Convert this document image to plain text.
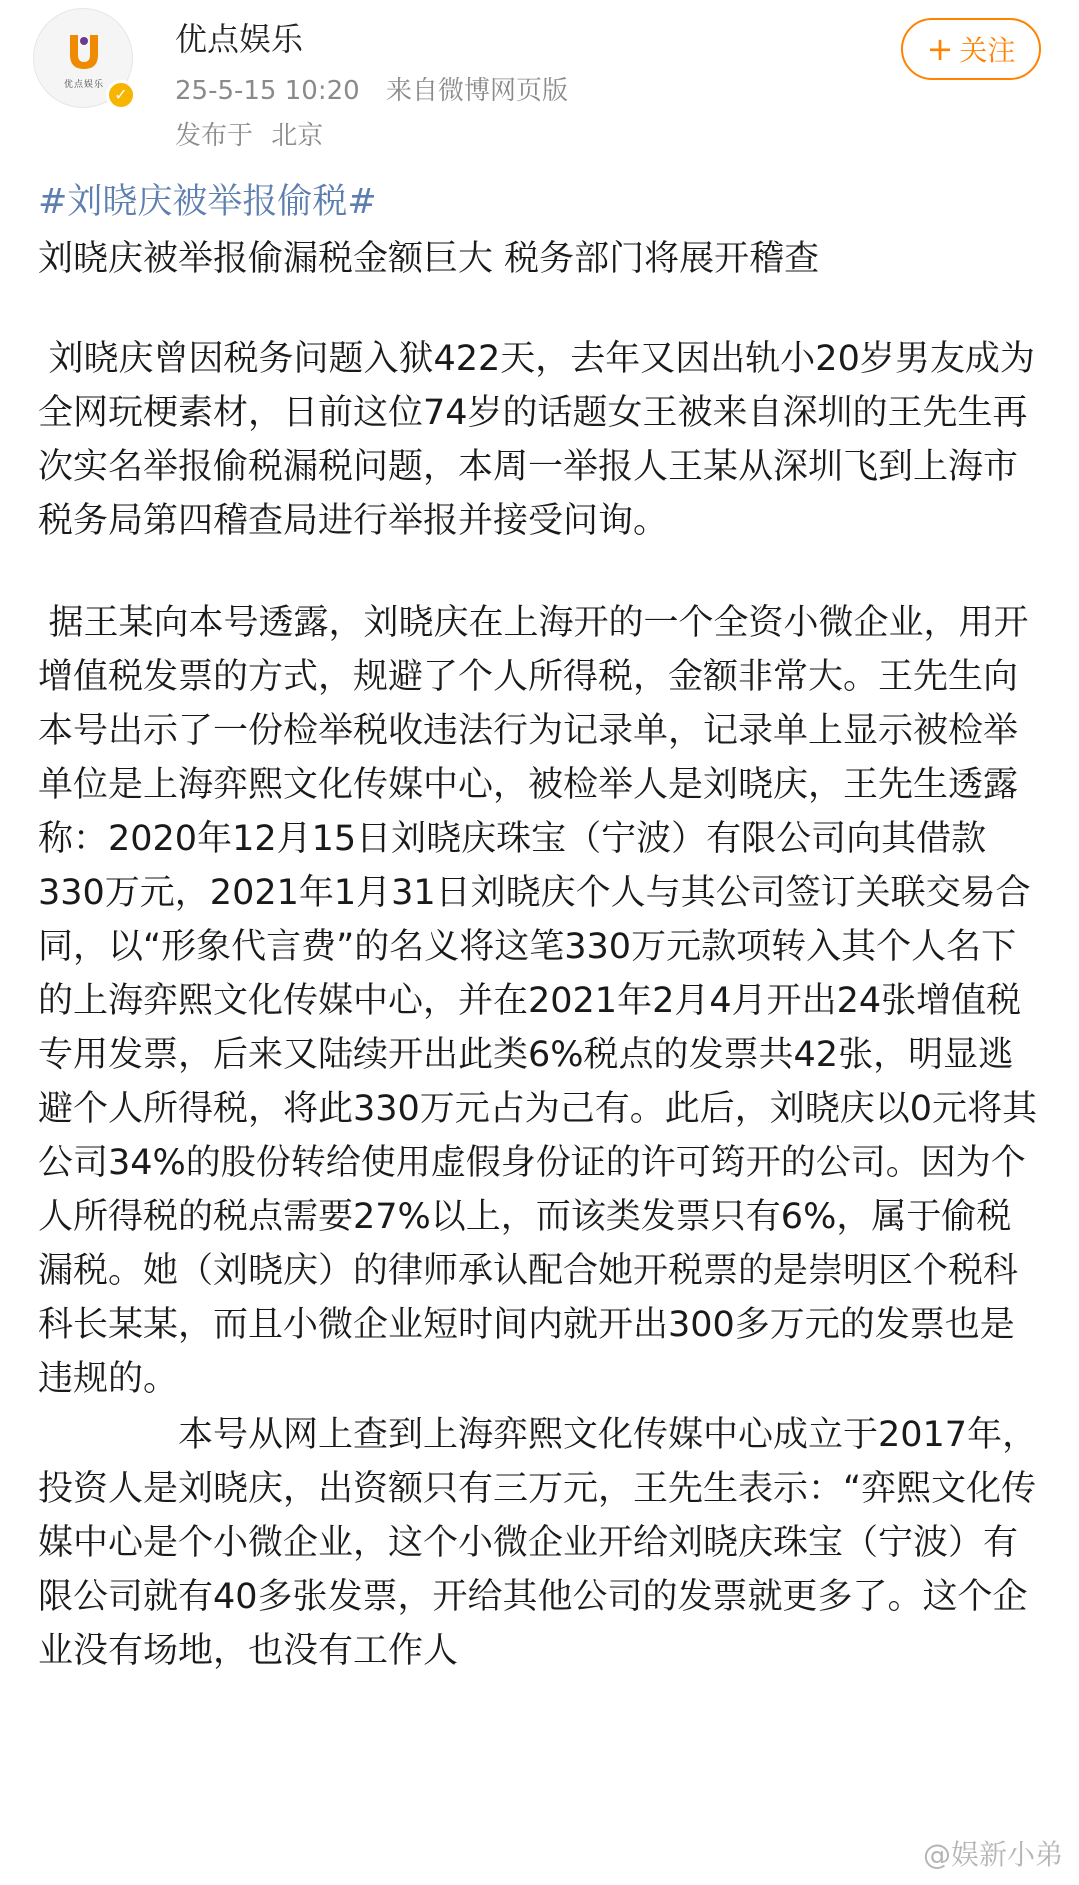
优点娱乐 ✓
优点娱乐
25-5-15 10:20 来自微博网页版
发布于 北京
+ 关注
#刘晓庆被举报偷税#
刘晓庆被举报偷漏税金额巨大 税务部门将展开稽查

刘晓庆曾因税务问题入狱422天，去年又因出轨小20岁男友成为全网玩梗素材，日前这位74岁的话题女王被来自深圳的王先生再次实名举报偷税漏税问题，本周一举报人王某从深圳飞到上海市税务局第四稽查局进行举报并接受问询。

据王某向本号透露，刘晓庆在上海开的一个全资小微企业，用开增值税发票的方式，规避了个人所得税，金额非常大。王先生向本号出示了一份检举税收违法行为记录单，记录单上显示被检举单位是上海弈熙文化传媒中心，被检举人是刘晓庆，王先生透露称：2020年12月15日刘晓庆珠宝（宁波）有限公司向其借款330万元，2021年1月31日刘晓庆个人与其公司签订关联交易合同，以“形象代言费”的名义将这笔330万元款项转入其个人名下的上海弈熙文化传媒中心，并在2021年2月4月开出24张增值税专用发票，后来又陆续开出此类6%税点的发票共42张，明显逃避个人所得税，将此330万元占为己有。此后，刘晓庆以0元将其公司34%的股份转给使用虚假身份证的许可筠开的公司。因为个人所得税的税点需要27%以上，而该类发票只有6%，属于偷税漏税。她（刘晓庆）的律师承认配合她开税票的是崇明区个税科科长某某，而且小微企业短时间内就开出300多万元的发票也是违规的。

本号从网上查到上海弈熙文化传媒中心成立于2017年，投资人是刘晓庆，出资额只有三万元，王先生表示：“弈熙文化传媒中心是个小微企业，这个小微企业开给刘晓庆珠宝（宁波）有限公司就有40多张发票，开给其他公司的发票就更多了。这个企业没有场地，也没有工作人

@娱新小弟
